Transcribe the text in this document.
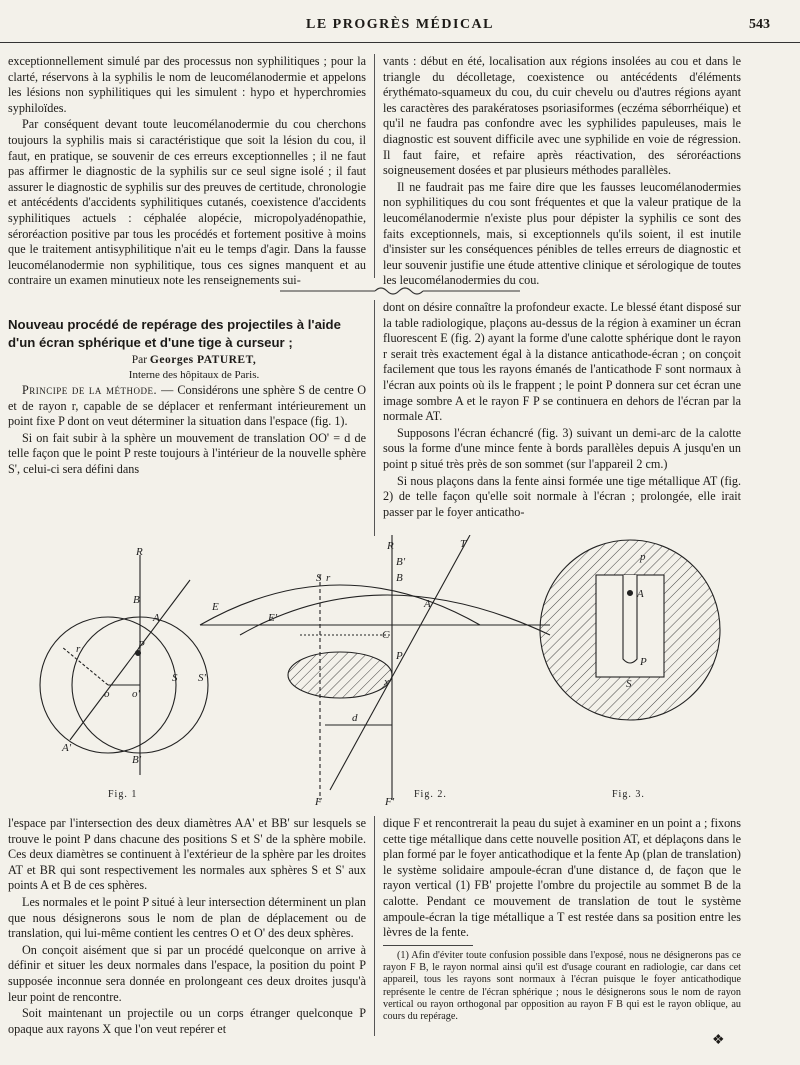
LE PROGRÈS MÉDICAL	543

exceptionnellement simulé par des processus non syphilitiques ; pour la clarté, réservons à la syphilis le nom de leucomélanodermie et appelons les lésions non syphilitiques qui les simulent : hypo et hyperchromies syphiloïdes.

Par conséquent devant toute leucomélanodermie du cou cherchons toujours la syphilis mais si caractéristique que soit la lésion du cou, il faut, en pratique, se souvenir de ces erreurs exceptionnelles ; il ne faut pas affirmer le diagnostic de la syphilis sur ce seul signe isolé ; il faut assurer le diagnostic de syphilis sur des preuves de certitude, chronologie et antécédents d'accidents syphilitiques cutanés, coexistence d'accidents syphilitiques actuels : céphalée alopécie, micropolyadénopathie, séroréaction positive par tous les procédés et fortement positive à moins que le traitement antisyphilitique n'ait eu le temps d'agir. Dans la fausse leucomélanodermie non syphilitique, tous ces signes manquent et au contraire un examen minutieux note les renseignements sui-

vants : début en été, localisation aux régions insolées au cou et dans le triangle du décolletage, coexistence ou antécédents d'éléments érythémato-squameux du cou, du cuir chevelu ou d'autres régions ayant les caractères des parakératoses psoriasiformes (eczéma séborrhéique) et qu'il ne faudra pas confondre avec les syphilides papuleuses, mais le diagnostic est souvent difficile avec une syphilide en voie de régression. Il faut faire, et refaire après réactivation, des séroréactions soigneusement dosées et par plusieurs méthodes parallèles.

Il ne faudrait pas me faire dire que les fausses leucomélanodermies non syphilitiques du cou sont fréquentes et que la valeur pratique de la leucomélanodermie n'existe plus pour dépister la syphilis ce sont des faits exceptionnels, mais, si exceptionnels qu'ils soient, il est inutile d'insister sur les conséquences pénibles de telles erreurs de diagnostic et leur souvenir justifie une étude attentive clinique et sérologique de toutes les leucomélanodermies du cou.

Nouveau procédé de repérage des projectiles à l'aide d'un écran sphérique et d'une tige à curseur ;

Par Georges PATURET,

Interne des hôpitaux de Paris.

Principe de la méthode. — Considérons une sphère S de centre O et de rayon r, capable de se déplacer et renfermant intérieurement un point fixe P dont on veut déterminer la situation dans l'espace (fig. 1).

Si on fait subir à la sphère un mouvement de translation OO' = d de telle façon que le point P reste toujours à l'intérieur de la nouvelle sphère S', celui-ci sera défini dans

dont on désire connaître la profondeur exacte. Le blessé étant disposé sur la table radiologique, plaçons au-dessus de la région à examiner un écran fluorescent E (fig. 2) ayant la forme d'une calotte sphérique dont le rayon r serait très exactement égal à la distance anticathode-écran ; on conçoit facilement que tous les rayons émanés de l'anticathode F sont normaux à l'écran aux points où ils le frappent ; le point P donnera sur cet écran une image sombre A et le rayon F P se continuera en dehors de l'écran par la normale AT.

Supposons l'écran échancré (fig. 3) suivant un demi-arc de la calotte sous la forme d'une mince fente à bords parallèles depuis A jusqu'en un point p situé très près de son sommet (sur l'appareil 2 cm.)

Si nous plaçons dans la fente ainsi formée une tige métallique AT (fig. 2) de telle façon qu'elle soit normale à l'écran ; prolongée, elle irait passer par le foyer anticatho-

R
B
A
P
r
o o'
S S'
A'
B'
Fig. 1
R	T
B'
B
A
E
E'
S r
C
P
x
d
F	F'
Fig. 2.
A
P
S
p
Fig. 3.

l'espace par l'intersection des deux diamètres AA' et BB' sur lesquels se trouve le point P dans chacune des positions S et S' de la sphère mobile. Ces deux diamètres se continuent à l'extérieur de la sphère par les droites AT et BR qui sont respectivement les normales aux sphères S et S' aux points A et B de ces sphères.

Les normales et le point P situé à leur intersection déterminent un plan que nous désignerons sous le nom de plan de déplacement ou de translation, qui lui-même contient les centres O et O' des deux sphères.

On conçoit aisément que si par un procédé quelconque on arrive à définir et situer les deux normales dans l'espace, la position du point P supposée inconnue sera donnée en prolongeant ces deux droites jusqu'à leur point de rencontre.

Soit maintenant un projectile ou un corps étranger quelconque P opaque aux rayons X que l'on veut repérer et

dique F et rencontrerait la peau du sujet à examiner en un point a ; fixons cette tige métallique dans cette nouvelle position AT, et déplaçons dans le plan formé par le foyer anticathodique et la fente Ap (plan de translation) le système solidaire ampoule-écran d'une distance d, de façon que le rayon vertical (1) FB' projette l'ombre du projectile au sommet B de la calotte. Pendant ce mouvement de translation de tout le système ampoule-écran la tige métallique a T est restée dans sa position entre les lèvres de la fente.

(1) Afin d'éviter toute confusion possible dans l'exposé, nous ne désignerons pas ce rayon F B, le rayon normal ainsi qu'il est d'usage courant en radiologie, car dans cet appareil, tous les rayons sont normaux à l'écran puisque le foyer anticathodique représente le centre de l'écran sphérique ; nous le désignerons sous le nom de rayon vertical ou rayon orthogonal par opposition au rayon F B qui est le rayon oblique, au cours du repérage.

❖
